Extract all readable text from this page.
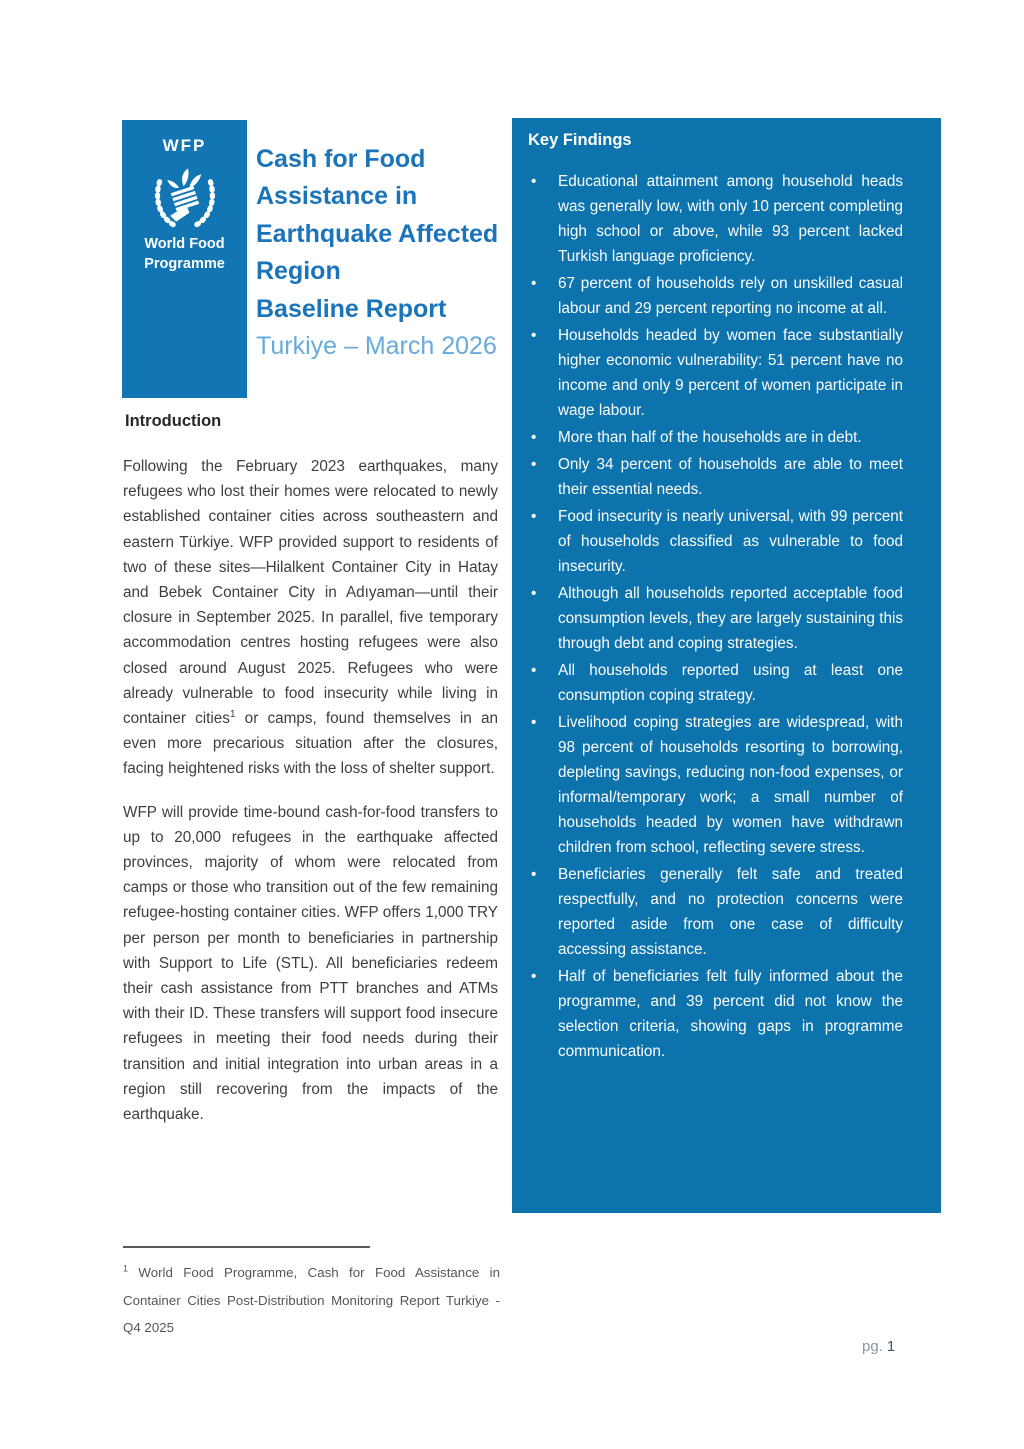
WFP
World Food
Programme
Cash for Food
Assistance in
Earthquake Affected
Region
Baseline Report
Turkiye – March 2026
Key Findings
• Educational attainment among household heads was generally low, with only 10 percent completing high school or above, while 93 percent lacked Turkish language proficiency.
• 67 percent of households rely on unskilled casual labour and 29 percent reporting no income at all.
• Households headed by women face substantially higher economic vulnerability: 51 percent have no income and only 9 percent of women participate in wage labour.
• More than half of the households are in debt.
• Only 34 percent of households are able to meet their essential needs.
• Food insecurity is nearly universal, with 99 percent of households classified as vulnerable to food insecurity.
• Although all households reported acceptable food consumption levels, they are largely sustaining this through debt and coping strategies.
• All households reported using at least one consumption coping strategy.
• Livelihood coping strategies are widespread, with 98 percent of households resorting to borrowing, depleting savings, reducing non-food expenses, or informal/temporary work; a small number of households headed by women have withdrawn children from school, reflecting severe stress.
• Beneficiaries generally felt safe and treated respectfully, and no protection concerns were reported aside from one case of difficulty accessing assistance.
• Half of beneficiaries felt fully informed about the programme, and 39 percent did not know the selection criteria, showing gaps in programme communication.
Introduction

Following the February 2023 earthquakes, many refugees who lost their homes were relocated to newly established container cities across southeastern and eastern Türkiye. WFP provided support to residents of two of these sites—Hilalkent Container City in Hatay and Bebek Container City in Adıyaman—until their closure in September 2025. In parallel, five temporary accommodation centres hosting refugees were also closed around August 2025. Refugees who were already vulnerable to food insecurity while living in container cities$^1$ or camps, found themselves in an even more precarious situation after the closures, facing heightened risks with the loss of shelter support.

WFP will provide time-bound cash-for-food transfers to up to 20,000 refugees in the earthquake affected provinces, majority of whom were relocated from camps or those who transition out of the few remaining refugee-hosting container cities. WFP offers 1,000 TRY per person per month to beneficiaries in partnership with Support to Life (STL). All beneficiaries redeem their cash assistance from PTT branches and ATMs with their ID. These transfers will support food insecure refugees in meeting their food needs during their transition and initial integration into urban areas in a region still recovering from the impacts of the earthquake.

$^1$ World Food Programme, Cash for Food Assistance in Container Cities Post-Distribution Monitoring Report Turkiye - Q4 2025
pg. 1
